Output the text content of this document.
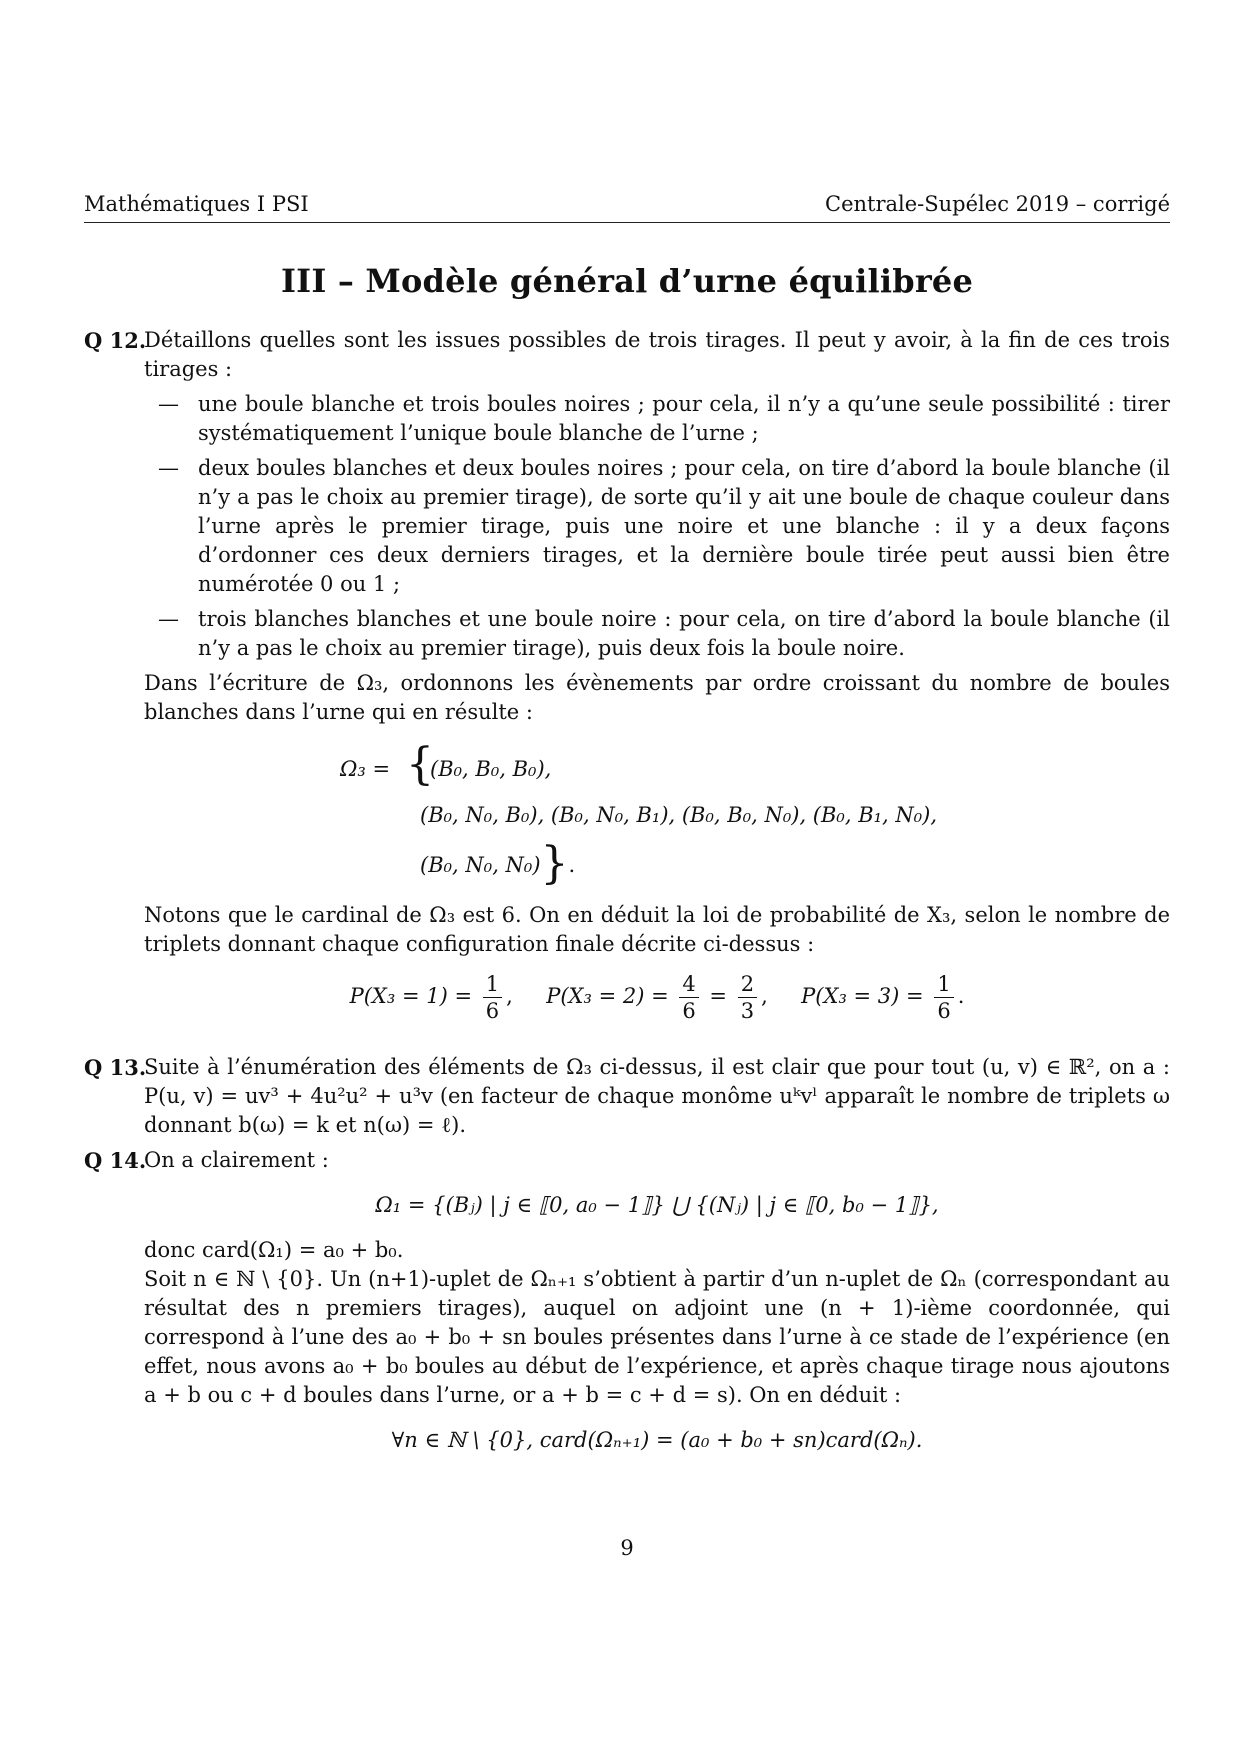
Mathématiques I PSI	Centrale-Supélec 2019 – corrigé
III – Modèle général d’urne équilibrée
Q 12.

Détaillons quelles sont les issues possibles de trois tirages. Il peut y avoir, à la fin de ces trois tirages :

— une boule blanche et trois boules noires ; pour cela, il n’y a qu’une seule possibilité : tirer systématiquement l’unique boule blanche de l’urne ;
— deux boules blanches et deux boules noires ; pour cela, on tire d’abord la boule blanche (il n’y a pas le choix au premier tirage), de sorte qu’il y ait une boule de chaque couleur dans l’urne après le premier tirage, puis une noire et une blanche : il y a deux façons d’ordonner ces deux derniers tirages, et la dernière boule tirée peut aussi bien être numérotée 0 ou 1 ;
— trois blanches blanches et une boule noire : pour cela, on tire d’abord la boule blanche (il n’y a pas le choix au premier tirage), puis deux fois la boule noire.

Dans l’écriture de Ω₃, ordonnons les évènements par ordre croissant du nombre de boules blanches dans l’urne qui en résulte :

Ω₃ = {
(B₀, B₀, B₀),
(B₀, N₀, B₀), (B₀, N₀, B₁), (B₀, B₀, N₀), (B₀, B₁, N₀),
(B₀, N₀, N₀)}.

Notons que le cardinal de Ω₃ est 6. On en déduit la loi de probabilité de X₃, selon le nombre de triplets donnant chaque configuration finale décrite ci-dessus :

$P(X_3 = 1) = \frac{1}{6}$ , $P(X_3 = 2) = \frac{4}{6} = \frac{2}{3}$ , $P(X_3 = 3) = \frac{1}{6}$ .
Q 13.

Suite à l’énumération des éléments de Ω₃ ci-dessus, il est clair que pour tout (u, v) ∈ ℝ², on a : P(u, v) = uv³ + 4u²u² + u³v (en facteur de chaque monôme uᵏvˡ apparaît le nombre de triplets ω donnant b(ω) = k et n(ω) = ℓ).

Q 14.

On a clairement :

Ω₁ = {(Bⱼ) | j ∈ ⟦0, a₀ − 1⟧} ⋃ {(Nⱼ) | j ∈ ⟦0, b₀ − 1⟧},

donc card(Ω₁) = a₀ + b₀.

Soit n ∈ ℕ \ {0}. Un (n+1)-uplet de Ωₙ₊₁ s’obtient à partir d’un n-uplet de Ωₙ (correspondant au résultat des n premiers tirages), auquel on adjoint une (n + 1)-ième coordonnée, qui correspond à l’une des a₀ + b₀ + sn boules présentes dans l’urne à ce stade de l’expérience (en effet, nous avons a₀ + b₀ boules au début de l’expérience, et après chaque tirage nous ajoutons a + b ou c + d boules dans l’urne, or a + b = c + d = s). On en déduit :

∀n ∈ ℕ \ {0}, card(Ωₙ₊₁) = (a₀ + b₀ + sn)card(Ωₙ).

9
